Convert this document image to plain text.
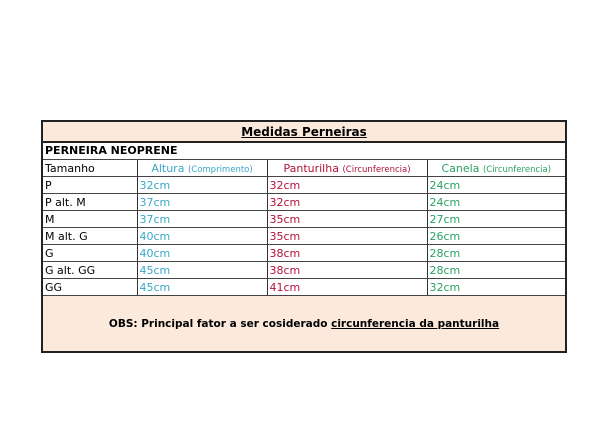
Medidas Perneiras
PERNEIRA NEOPRENE
Tamanho	Altura (Comprimento)	Panturilha (Circunferencia)	Canela (Circunferencia)
P	32cm	32cm	24cm
P alt. M	37cm	32cm	24cm
M	37cm	35cm	27cm
M alt. G	40cm	35cm	26cm
G	40cm	38cm	28cm
G alt. GG	45cm	38cm	28cm
GG	45cm	41cm	32cm
OBS: Principal fator a ser cosiderado
circunferencia da panturilha
